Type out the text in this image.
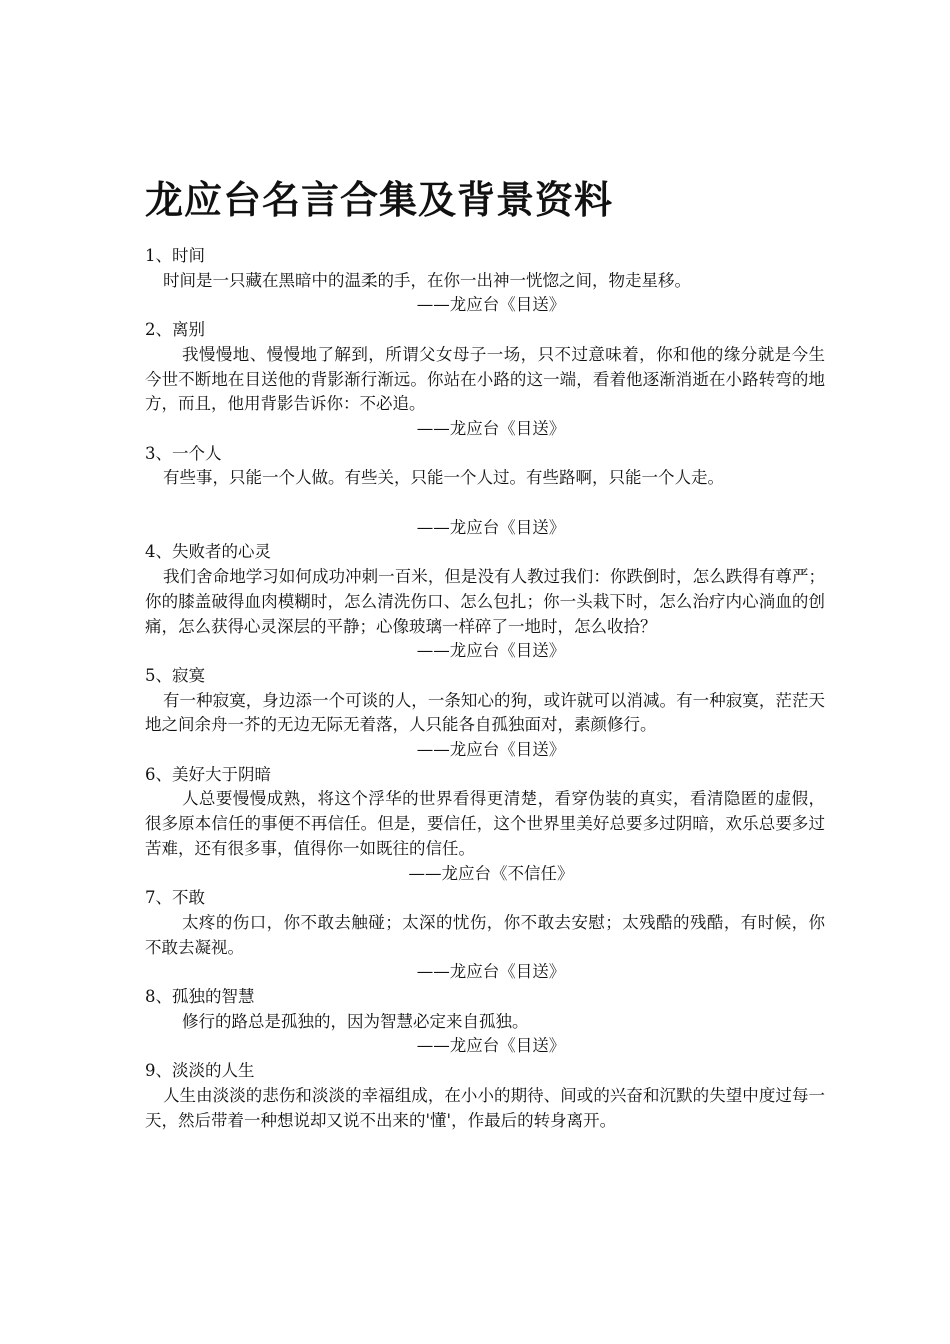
龙应台名言合集及背景资料

1、时间

时间是一只藏在黑暗中的温柔的手，在你一出神一恍惚之间，物走星移。

——龙应台《目送》

2、离别

我慢慢地、慢慢地了解到，所谓父女母子一场，只不过意味着，你和他的缘分就是今生今世不断地在目送他的背影渐行渐远。你站在小路的这一端，看着他逐渐消逝在小路转弯的地方，而且，他用背影告诉你：不必追。

——龙应台《目送》

3、一个人

有些事，只能一个人做。有些关，只能一个人过。有些路啊，只能一个人走。

——龙应台《目送》

4、失败者的心灵

我们舍命地学习如何成功冲刺一百米，但是没有人教过我们：你跌倒时，怎么跌得有尊严；你的膝盖破得血肉模糊时，怎么清洗伤口、怎么包扎；你一头栽下时，怎么治疗内心淌血的创痛，怎么获得心灵深层的平静；心像玻璃一样碎了一地时，怎么收拾？

——龙应台《目送》

5、寂寞

有一种寂寞，身边添一个可谈的人，一条知心的狗，或许就可以消减。有一种寂寞，茫茫天地之间余舟一芥的无边无际无着落，人只能各自孤独面对，素颜修行。

——龙应台《目送》

6、美好大于阴暗

人总要慢慢成熟，将这个浮华的世界看得更清楚，看穿伪装的真实，看清隐匿的虚假，很多原本信任的事便不再信任。但是，要信任，这个世界里美好总要多过阴暗，欢乐总要多过苦难，还有很多事，值得你一如既往的信任。

——龙应台《不信任》

7、不敢

太疼的伤口，你不敢去触碰；太深的忧伤，你不敢去安慰；太残酷的残酷，有时候，你不敢去凝视。

——龙应台《目送》

8、孤独的智慧

修行的路总是孤独的，因为智慧必定来自孤独。

——龙应台《目送》

9、淡淡的人生

人生由淡淡的悲伤和淡淡的幸福组成，在小小的期待、间或的兴奋和沉默的失望中度过每一天，然后带着一种想说却又说不出来的'懂'，作最后的转身离开。
